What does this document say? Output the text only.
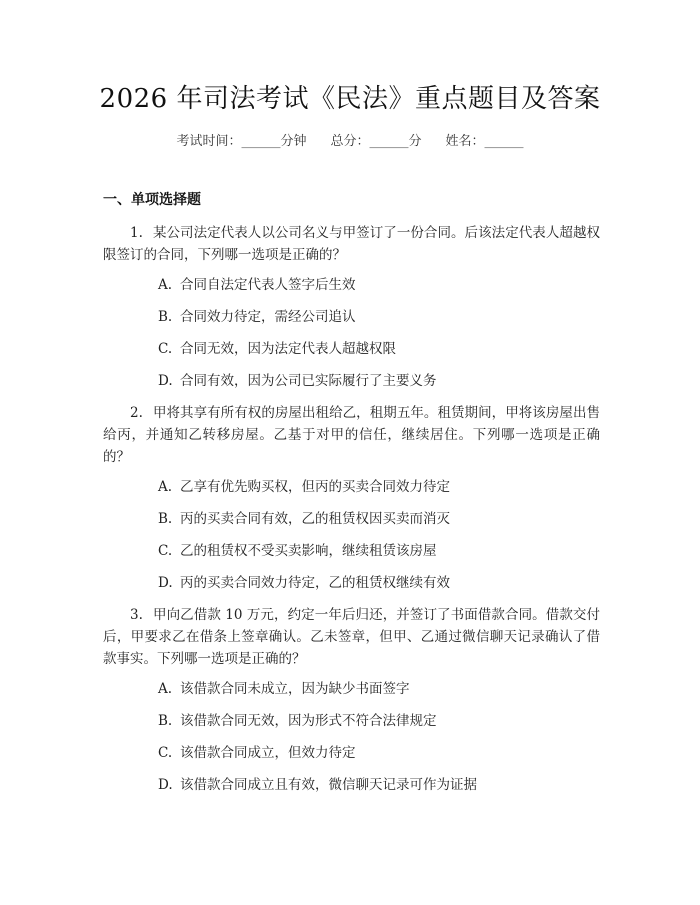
2026 年司法考试《民法》重点题目及答案
考试时间：______分钟 总分：______分 姓名：______
一、单项选择题

1. 某公司法定代表人以公司名义与甲签订了一份合同。后该法定代表人超越权限签订的合同，下列哪一选项是正确的？

A. 合同自法定代表人签字后生效
B. 合同效力待定，需经公司追认
C. 合同无效，因为法定代表人超越权限
D. 合同有效，因为公司已实际履行了主要义务

2. 甲将其享有所有权的房屋出租给乙，租期五年。租赁期间，甲将该房屋出售给丙，并通知乙转移房屋。乙基于对甲的信任，继续居住。下列哪一选项是正确的？

A. 乙享有优先购买权，但丙的买卖合同效力待定
B. 丙的买卖合同有效，乙的租赁权因买卖而消灭
C. 乙的租赁权不受买卖影响，继续租赁该房屋
D. 丙的买卖合同效力待定，乙的租赁权继续有效

3. 甲向乙借款 10 万元，约定一年后归还，并签订了书面借款合同。借款交付后，甲要求乙在借条上签章确认。乙未签章，但甲、乙通过微信聊天记录确认了借款事实。下列哪一选项是正确的？

A. 该借款合同未成立，因为缺少书面签字
B. 该借款合同无效，因为形式不符合法律规定
C. 该借款合同成立，但效力待定
D. 该借款合同成立且有效，微信聊天记录可作为证据
